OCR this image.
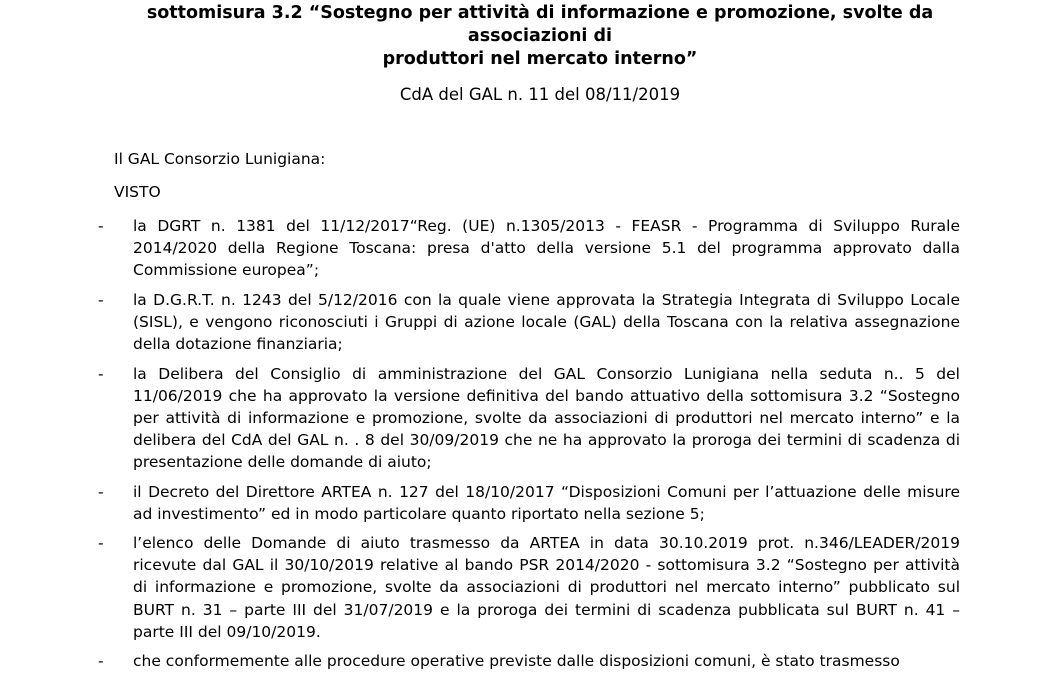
sottomisura 3.2 “Sostegno per attività di informazione e promozione, svolte da associazioni di

produttori nel mercato interno”

CdA del GAL n. 11 del 08/11/2019

Il GAL Consorzio Lunigiana:

VISTO

- la DGRT n. 1381 del 11/12/2017“Reg. (UE) n.1305/2013 - FEASR - Programma di Sviluppo Rurale 2014/2020 della Regione Toscana: presa d'atto della versione 5.1 del programma approvato dalla Commissione europea”;
- la D.G.R.T. n. 1243 del 5/12/2016 con la quale viene approvata la Strategia Integrata di Sviluppo Locale (SISL), e vengono riconosciuti i Gruppi di azione locale (GAL) della Toscana con la relativa assegnazione della dotazione finanziaria;
- la Delibera del Consiglio di amministrazione del GAL Consorzio Lunigiana nella seduta n.. 5 del 11/06/2019 che ha approvato la versione definitiva del bando attuativo della sottomisura 3.2 “Sostegno per attività di informazione e promozione, svolte da associazioni di produttori nel mercato interno” e la delibera del CdA del GAL n. . 8 del 30/09/2019 che ne ha approvato la proroga dei termini di scadenza di presentazione delle domande di aiuto;
- il Decreto del Direttore ARTEA n. 127 del 18/10/2017 “Disposizioni Comuni per l’attuazione delle misure ad investimento” ed in modo particolare quanto riportato nella sezione 5;
- l’elenco delle Domande di aiuto trasmesso da ARTEA in data 30.10.2019 prot. n.346/LEADER/2019 ricevute dal GAL il 30/10/2019 relative al bando PSR 2014/2020 - sottomisura 3.2 “Sostegno per attività di informazione e promozione, svolte da associazioni di produttori nel mercato interno” pubblicato sul BURT n. 31 – parte III del 31/07/2019 e la proroga dei termini di scadenza pubblicata sul BURT n. 41 – parte III del 09/10/2019.
- che conformemente alle procedure operative previste dalle disposizioni comuni, è stato trasmesso
